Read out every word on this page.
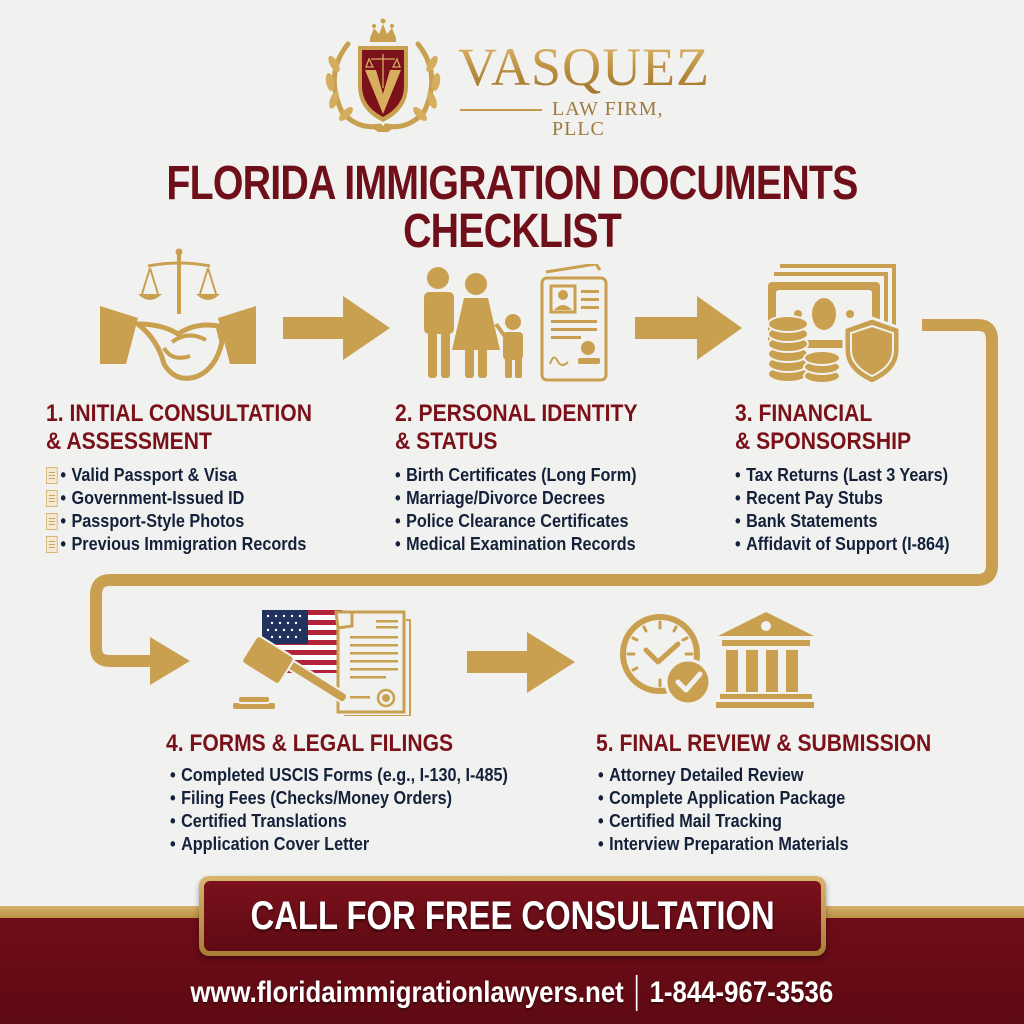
VASQUEZ
LAW FIRM, PLLC
FLORIDA IMMIGRATION DOCUMENTS CHECKLIST
1. INITIAL CONSULTATION
& ASSESSMENT
• Valid Passport & Visa
• Government-Issued ID
• Passport-Style Photos
• Previous Immigration Records
2. PERSONAL IDENTITY
& STATUS
• Birth Certificates (Long Form)
• Marriage/Divorce Decrees
• Police Clearance Certificates
• Medical Examination Records
3. FINANCIAL
& SPONSORSHIP
• Tax Returns (Last 3 Years)
• Recent Pay Stubs
• Bank Statements
• Affidavit of Support (I-864)
4. FORMS & LEGAL FILINGS
• Completed USCIS Forms (e.g., I-130, I-485)
• Filing Fees (Checks/Money Orders)
• Certified Translations
• Application Cover Letter
5. FINAL REVIEW & SUBMISSION
• Attorney Detailed Review
• Complete Application Package
• Certified Mail Tracking
• Interview Preparation Materials
CALL FOR FREE CONSULTATION
www.floridaimmigrationlawyers.net 1-844-967-3536
